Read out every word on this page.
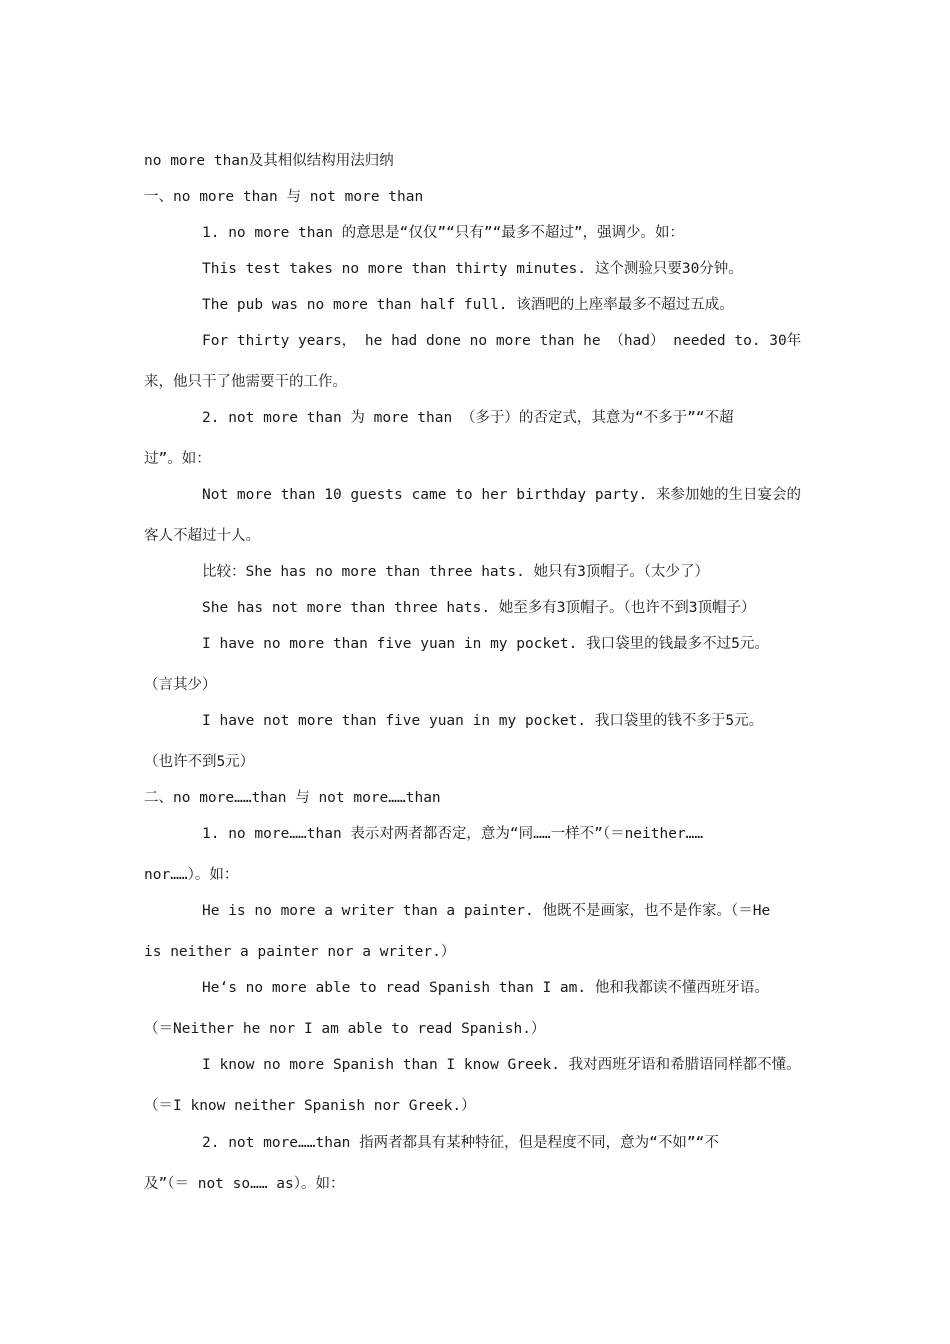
no more than及其相似结构用法归纳

一、no more than 与 not more than

1. no more than 的意思是“仅仅”“只有”“最多不超过”，强调少。如：

This test takes no more than thirty minutes. 这个测验只要30分钟。

The pub was no more than half full. 该酒吧的上座率最多不超过五成。

For thirty years， he had done no more than he （had） needed to. 30年

来，他只干了他需要干的工作。

2. not more than 为 more than （多于）的否定式，其意为“不多于”“不超

过”。如：

Not more than 10 guests came to her birthday party. 来参加她的生日宴会的

客人不超过十人。

比较：She has no more than three hats. 她只有3顶帽子。（太少了）

She has not more than three hats. 她至多有3顶帽子。（也许不到3顶帽子）

I have no more than five yuan in my pocket. 我口袋里的钱最多不过5元。

（言其少）

I have not more than five yuan in my pocket. 我口袋里的钱不多于5元。

（也许不到5元）

二、no more……than 与 not more……than

1. no more……than 表示对两者都否定，意为“同……一样不”（＝neither……

nor……）。如：

He is no more a writer than a painter. 他既不是画家，也不是作家。（＝He

is neither a painter nor a writer.）

He‘s no more able to read Spanish than I am. 他和我都读不懂西班牙语。

（＝Neither he nor I am able to read Spanish.）

I know no more Spanish than I know Greek. 我对西班牙语和希腊语同样都不懂。

（＝I know neither Spanish nor Greek.）

2. not more……than 指两者都具有某种特征，但是程度不同，意为“不如”“不

及”（＝ not so…… as）。如：
